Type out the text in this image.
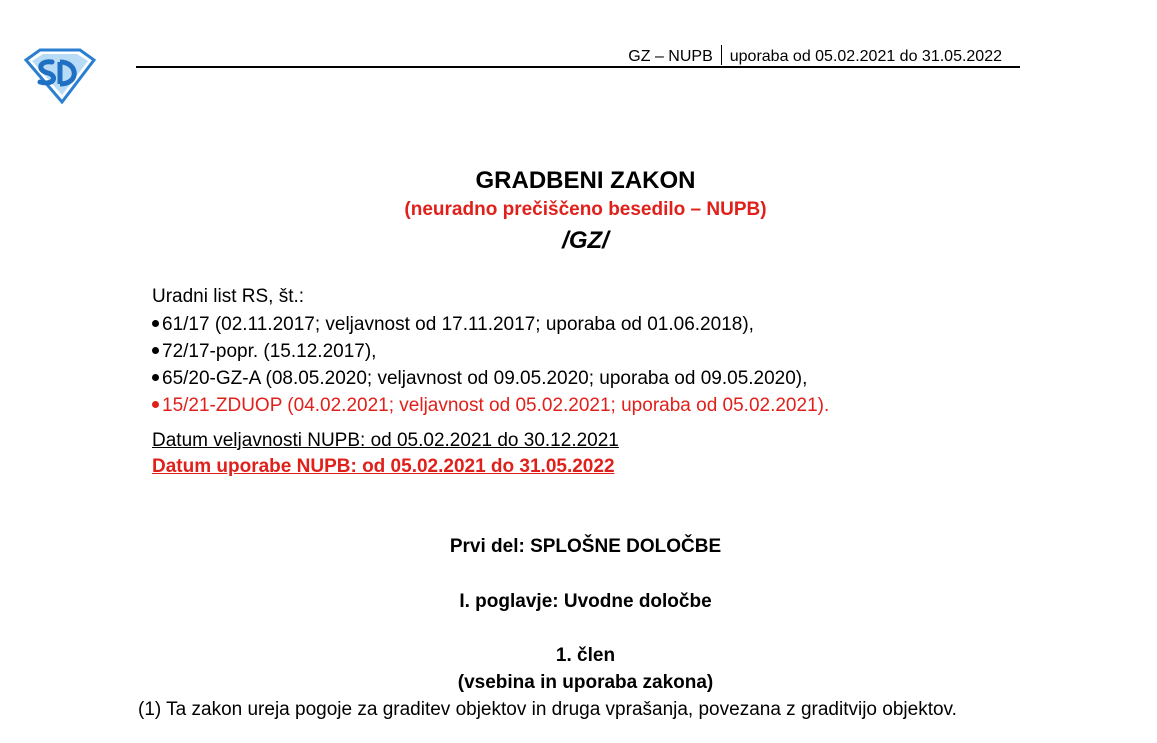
GZ – NUPB uporaba od 05.02.2021 do 31.05.2022
GRADBENI ZAKON
(neuradno prečiščeno besedilo – NUPB)
/GZ/
Uradni list RS, št.:
61/17 (02.11.2017; veljavnost od 17.11.2017; uporaba od 01.06.2018),
72/17-popr. (15.12.2017),
65/20-GZ-A (08.05.2020; veljavnost od 09.05.2020; uporaba od 09.05.2020),
15/21-ZDUOP (04.02.2021; veljavnost od 05.02.2021; uporaba od 05.02.2021).
Datum veljavnosti NUPB: od 05.02.2021 do 30.12.2021
Datum uporabe NUPB: od 05.02.2021 do 31.05.2022
Prvi del: SPLOŠNE DOLOČBE
I. poglavje: Uvodne določbe
1. člen
(vsebina in uporaba zakona)
(1) Ta zakon ureja pogoje za graditev objektov in druga vprašanja, povezana z graditvijo objektov.
